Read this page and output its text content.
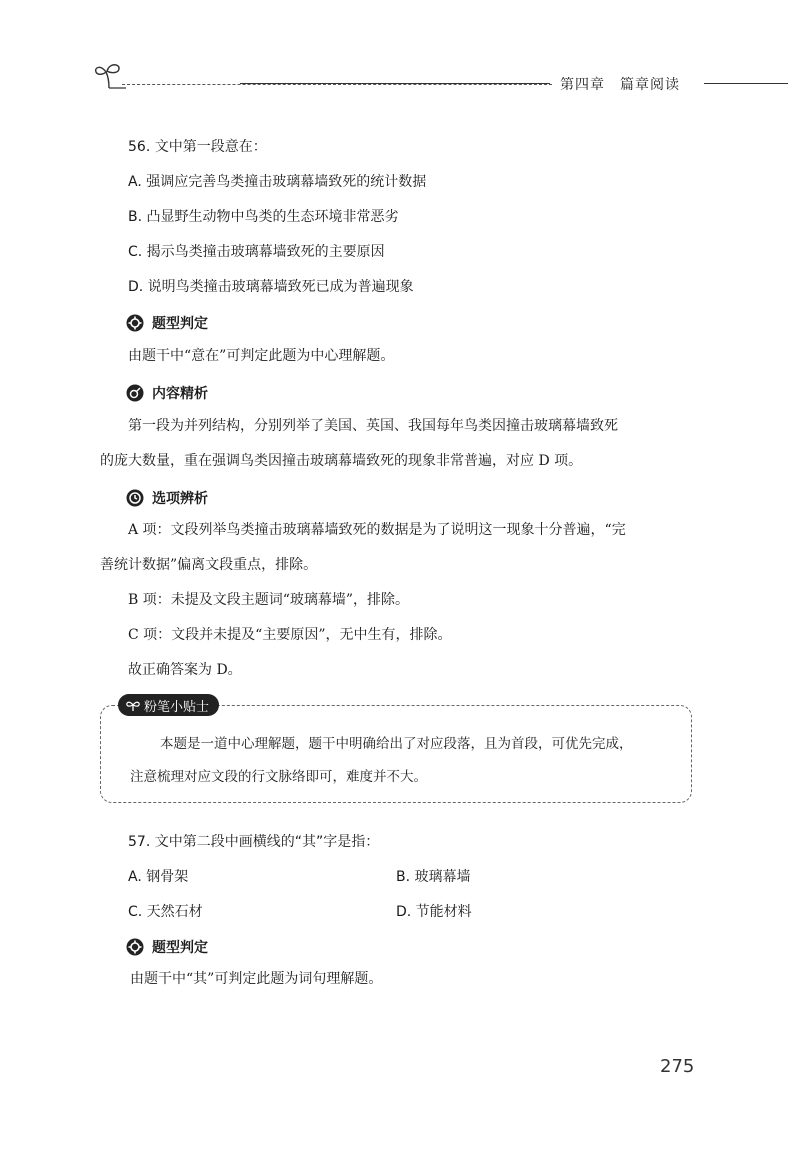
第四章　篇章阅读
56. 文中第一段意在：
A. 强调应完善鸟类撞击玻璃幕墙致死的统计数据
B. 凸显野生动物中鸟类的生态环境非常恶劣
C. 揭示鸟类撞击玻璃幕墙致死的主要原因
D. 说明鸟类撞击玻璃幕墙致死已成为普遍现象
题型判定
由题干中“意在”可判定此题为中心理解题。
内容精析
第一段为并列结构，分别列举了美国、英国、我国每年鸟类因撞击玻璃幕墙致死
的庞大数量，重在强调鸟类因撞击玻璃幕墙致死的现象非常普遍，对应 D 项。
选项辨析
A 项：文段列举鸟类撞击玻璃幕墙致死的数据是为了说明这一现象十分普遍，“完
善统计数据”偏离文段重点，排除。
B 项：未提及文段主题词“玻璃幕墙”，排除。
C 项：文段并未提及“主要原因”，无中生有，排除。
故正确答案为 D。
粉笔小贴士
本题是一道中心理解题，题干中明确给出了对应段落，且为首段，可优先完成，
注意梳理对应文段的行文脉络即可，难度并不大。
57. 文中第二段中画横线的“其”字是指：
A. 钢骨架	B. 玻璃幕墙
C. 天然石材	D. 节能材料
题型判定
由题干中“其”可判定此题为词句理解题。
275
